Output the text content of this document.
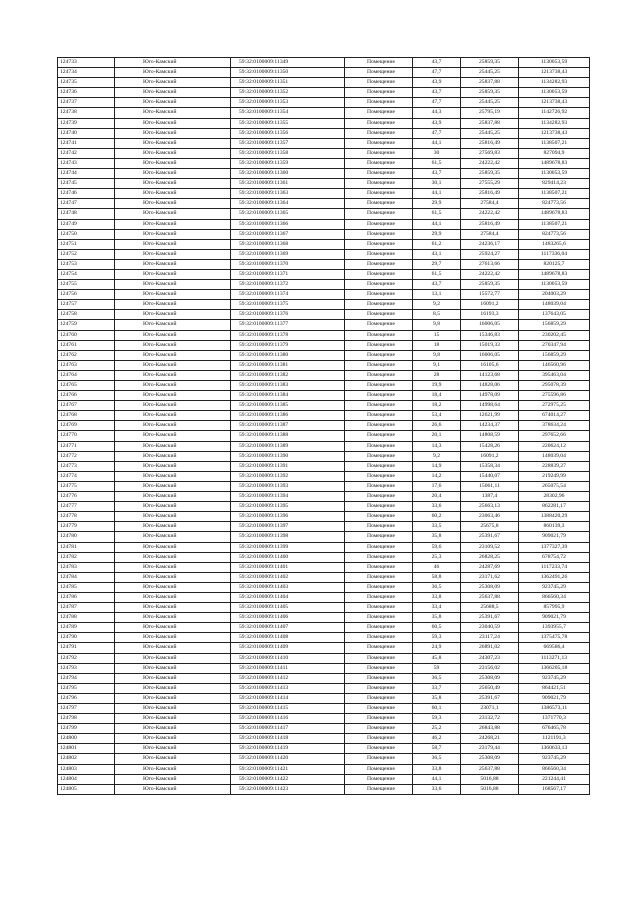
124733	Юго-Камский	59:32:0100009:11349	Помещение	43,7	25859,35	1130053,59
124734	Юго-Камский	59:32:0100009:11350	Помещение	47,7	25445,25	1213738,43
124735	Юго-Камский	59:32:0100009:11351	Помещение	43,9	25837,88	1134282,93
124736	Юго-Камский	59:32:0100009:11352	Помещение	43,7	25859,35	1130053,59
124737	Юго-Камский	59:32:0100009:11353	Помещение	47,7	25445,25	1213738,43
124738	Юго-Камский	59:32:0100009:11354	Помещение	44,3	25795,19	1142726,92
124739	Юго-Камский	59:32:0100009:11355	Помещение	43,9	25837,88	1134282,93
124740	Юго-Камский	59:32:0100009:11356	Помещение	47,7	25445,25	1213738,43
124741	Юго-Камский	59:32:0100009:11357	Помещение	44,1	25816,49	1138507,21
124742	Юго-Камский	59:32:0100009:11358	Помещение	30	27569,83	827094,9
124743	Юго-Камский	59:32:0100009:11359	Помещение	61,5	24222,42	1489678,83
124744	Юго-Камский	59:32:0100009:11360	Помещение	43,7	25859,35	1130053,59
124745	Юго-Камский	59:32:0100009:11361	Помещение	30,1	27555,29	829414,23
124746	Юго-Камский	59:32:0100009:11363	Помещение	44,1	25816,49	1138507,21
124747	Юго-Камский	59:32:0100009:11364	Помещение	29,9	27584,4	824773,56
124748	Юго-Камский	59:32:0100009:11365	Помещение	61,5	24222,42	1489678,83
124749	Юго-Камский	59:32:0100009:11366	Помещение	44,1	25816,49	1138507,21
124750	Юго-Камский	59:32:0100009:11367	Помещение	29,9	27584,4	824773,56
124751	Юго-Камский	59:32:0100009:11368	Помещение	61,2	24236,17	1483265,6
124752	Юго-Камский	59:32:0100009:11369	Помещение	43,1	25924,27	1117336,04
124753	Юго-Камский	59:32:0100009:11370	Помещение	29,7	27613,66	820125,7
124754	Юго-Камский	59:32:0100009:11371	Помещение	61,5	24222,42	1489678,83
124755	Юго-Камский	59:32:0100009:11372	Помещение	43,7	25859,35	1130053,59
124756	Юго-Камский	59:32:0100009:11374	Помещение	13,1	15572,77	204003,29
124757	Юго-Камский	59:32:0100009:11375	Помещение	9,2	16091,2	148039,04
124758	Юго-Камский	59:32:0100009:11376	Помещение	8,5	16193,3	137643,05
124759	Юго-Камский	59:32:0100009:11377	Помещение	9,8	16006,05	156859,29
124760	Юго-Камский	59:32:0100009:11378	Помещение	15	15346,83	230202,45
124761	Юго-Камский	59:32:0100009:11379	Помещение	18	15019,33	270347,94
124762	Юго-Камский	59:32:0100009:11380	Помещение	9,8	16006,05	156859,29
124763	Юго-Камский	59:32:0100009:11381	Помещение	9,1	16105,6	146560,96
124764	Юго-Камский	59:32:0100009:11382	Помещение	28	14123,68	395463,04
124765	Юго-Камский	59:32:0100009:11383	Помещение	19,9	14828,06	295078,39
124766	Юго-Камский	59:32:0100009:11384	Помещение	18,4	14978,09	275596,86
124767	Юго-Камский	59:32:0100009:11385	Помещение	18,2	14998,64	272975,25
124768	Юго-Камский	59:32:0100009:11386	Помещение	53,4	12621,99	674014,27
124769	Юго-Камский	59:32:0100009:11387	Помещение	26,6	14234,37	378634,24
124770	Юго-Камский	59:32:0100009:11388	Помещение	20,1	14808,59	297652,66
124771	Юго-Камский	59:32:0100009:11389	Помещение	14,3	15428,26	220624,12
124772	Юго-Камский	59:32:0100009:11390	Помещение	9,2	16091,2	148039,04
124773	Юго-Камский	59:32:0100009:11391	Помещение	14,9	15358,34	228839,27
124774	Юго-Камский	59:32:0100009:11392	Помещение	14,2	15440,07	219249,99
124775	Юго-Камский	59:32:0100009:11393	Помещение	17,6	15061,11	265075,54
124776	Юго-Камский	59:32:0100009:11394	Помещение	20,4	1387,4	28302,96
124777	Юго-Камский	59:32:0100009:11395	Помещение	33,6	25663,13	862281,17
124778	Юго-Камский	59:32:0100009:11396	Помещение	60,2	23063,46	1388420,29
124779	Юго-Камский	59:32:0100009:11397	Помещение	33,5	25675,8	860139,3
124780	Юго-Камский	59:32:0100009:11398	Помещение	35,8	25391,67	909021,79
124781	Юго-Камский	59:32:0100009:11399	Помещение	59,6	23109,52	1377327,39
124782	Юго-Камский	59:32:0100009:11400	Помещение	25,3	26828,25	678754,72
124783	Юго-Камский	59:32:0100009:11401	Помещение	46	24287,69	1117233,74
124784	Юго-Камский	59:32:0100009:11402	Помещение	58,8	23171,62	1362491,26
124785	Юго-Камский	59:32:0100009:11403	Помещение	36,5	25308,09	923745,29
124786	Юго-Камский	59:32:0100009:11404	Помещение	33,8	25637,88	866560,34
124787	Юго-Камский	59:32:0100009:11405	Помещение	33,4	25688,5	857995,9
124788	Юго-Камский	59:32:0100009:11406	Помещение	35,8	25391,67	909021,79
124789	Юго-Камский	59:32:0100009:11407	Помещение	60,5	23040,59	1393955,7
124790	Юго-Камский	59:32:0100009:11408	Помещение	59,3	23117,24	1375475,78
124791	Юго-Камский	59:32:0100009:11409	Помещение	24,9	26891,02	669586,4
124792	Юго-Камский	59:32:0100009:11410	Помещение	45,8	24307,23	1113271,13
124793	Юго-Камский	59:32:0100009:11411	Помещение	59	23156,02	1366205,18
124794	Юго-Камский	59:32:0100009:11412	Помещение	36,5	25308,09	923745,29
124795	Юго-Камский	59:32:0100009:11413	Помещение	33,7	25650,49	864421,51
124796	Юго-Камский	59:32:0100009:11414	Помещение	35,8	25391,67	909021,79
124797	Юго-Камский	59:32:0100009:11415	Помещение	60,1	23071,1	1386573,11
124798	Юго-Камский	59:32:0100009:11416	Помещение	59,3	23132,72	1371770,3
124799	Юго-Камский	59:32:0100009:11417	Помещение	25,2	26843,88	676465,78
124800	Юго-Камский	59:32:0100009:11418	Помещение	46,2	24268,21	1121191,3
124801	Юго-Камский	59:32:0100009:11419	Помещение	58,7	23179,44	1360633,13
124802	Юго-Камский	59:32:0100009:11420	Помещение	36,5	25308,09	923745,29
124803	Юго-Камский	59:32:0100009:11421	Помещение	33,8	25637,88	866560,34
124804	Юго-Камский	59:32:0100009:11422	Помещение	44,1	5016,88	221244,41
124805	Юго-Камский	59:32:0100009:11423	Помещение	33,6	5016,88	168567,17
